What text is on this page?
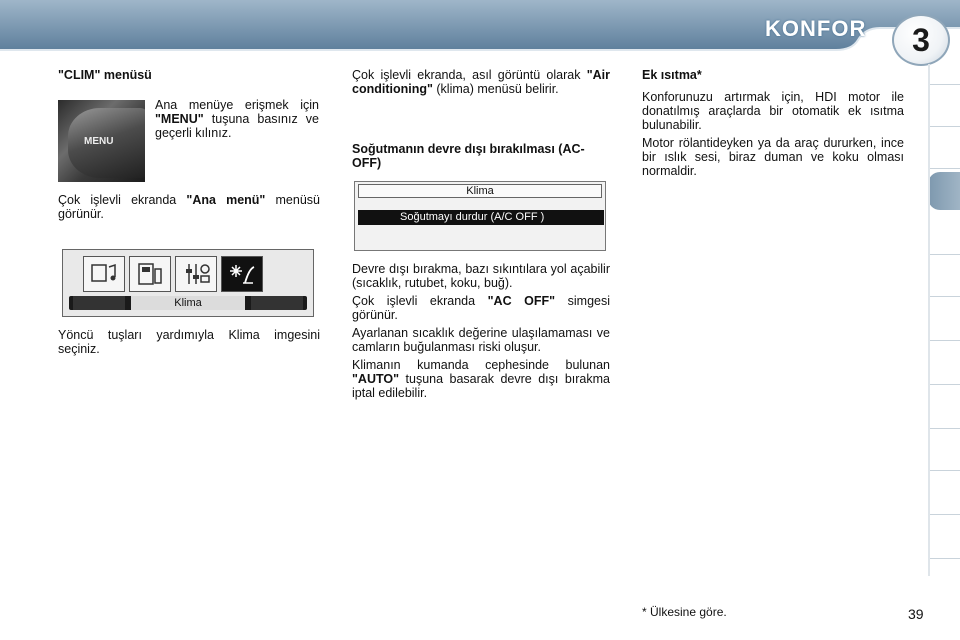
KONFOR	3
"CLIM" menüsü
MENU

Ana menüye erişmek için "MENU" tuşuna basınız ve geçerli kılınız.

Çok işlevli ekranda "Ana menü" menüsü görünür.

Klima

Yöncü tuşları yardımıyla Klima imgesini seçiniz.

Çok işlevli ekranda, asıl görüntü olarak "Air conditioning" (klima) menüsü belirir.

Soğutmanın devre dışı bırakılması (AC-OFF)
Klima
Soğutmayı durdur (A/C OFF )

Devre dışı bırakma, bazı sıkıntılara yol açabilir (sıcaklık, rutubet, koku, buğ).

Çok işlevli ekranda "AC OFF" simgesi görünür.

Ayarlanan sıcaklık değerine ulaşılamaması ve camların buğulanması riski oluşur.

Klimanın kumanda cephesinde bulunan "AUTO" tuşuna basarak devre dışı bırakma iptal edilebilir.

Ek ısıtma*

Konforunuzu artırmak için, HDI motor ile donatılmış araçlarda bir otomatik ek ısıtma bulunabilir.

Motor rölantideyken ya da araç dururken, ince bir ıslık sesi, biraz duman ve koku olması normaldir.

* Ülkesine göre.	39
